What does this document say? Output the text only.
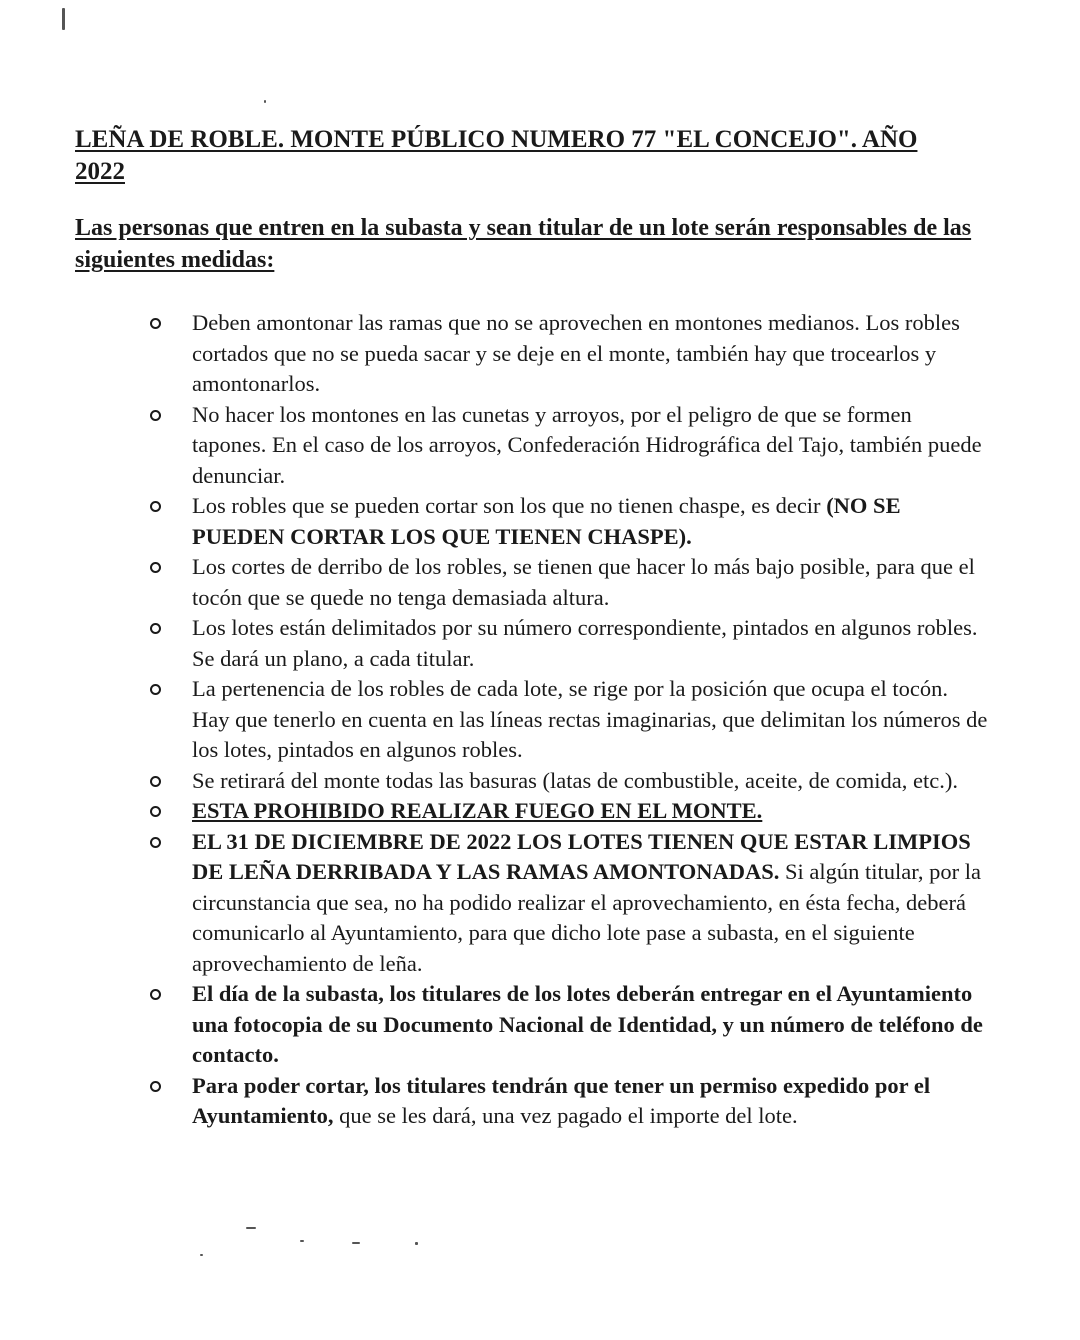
LEÑA DE ROBLE. MONTE PÚBLICO NUMERO 77 "EL CONCEJO". AÑO 2022

Las personas que entren en la subasta y sean titular de un lote serán responsables de las siguientes medidas:

Deben amontonar las ramas que no se aprovechen en montones medianos. Los robles cortados que no se pueda sacar y se deje en el monte, también hay que trocearlos y amontonarlos.
No hacer los montones en las cunetas y arroyos, por el peligro de que se formen tapones. En el caso de los arroyos, Confederación Hidrográfica del Tajo, también puede denunciar.
Los robles que se pueden cortar son los que no tienen chaspe, es decir (NO SE PUEDEN CORTAR LOS QUE TIENEN CHASPE).
Los cortes de derribo de los robles, se tienen que hacer lo más bajo posible, para que el tocón que se quede no tenga demasiada altura.
Los lotes están delimitados por su número correspondiente, pintados en algunos robles. Se dará un plano, a cada titular.
La pertenencia de los robles de cada lote, se rige por la posición que ocupa el tocón. Hay que tenerlo en cuenta en las líneas rectas imaginarias, que delimitan los números de los lotes, pintados en algunos robles.
Se retirará del monte todas las basuras (latas de combustible, aceite, de comida, etc.).
ESTA PROHIBIDO REALIZAR FUEGO EN EL MONTE.
EL 31 DE DICIEMBRE DE 2022 LOS LOTES TIENEN QUE ESTAR LIMPIOS DE LEÑA DERRIBADA Y LAS RAMAS AMONTONADAS. Si algún titular, por la circunstancia que sea, no ha podido realizar el aprovechamiento, en ésta fecha, deberá comunicarlo al Ayuntamiento, para que dicho lote pase a subasta, en el siguiente aprovechamiento de leña.
El día de la subasta, los titulares de los lotes deberán entregar en el Ayuntamiento una fotocopia de su Documento Nacional de Identidad, y un número de teléfono de contacto.
Para poder cortar, los titulares tendrán que tener un permiso expedido por el Ayuntamiento, que se les dará, una vez pagado el importe del lote.
